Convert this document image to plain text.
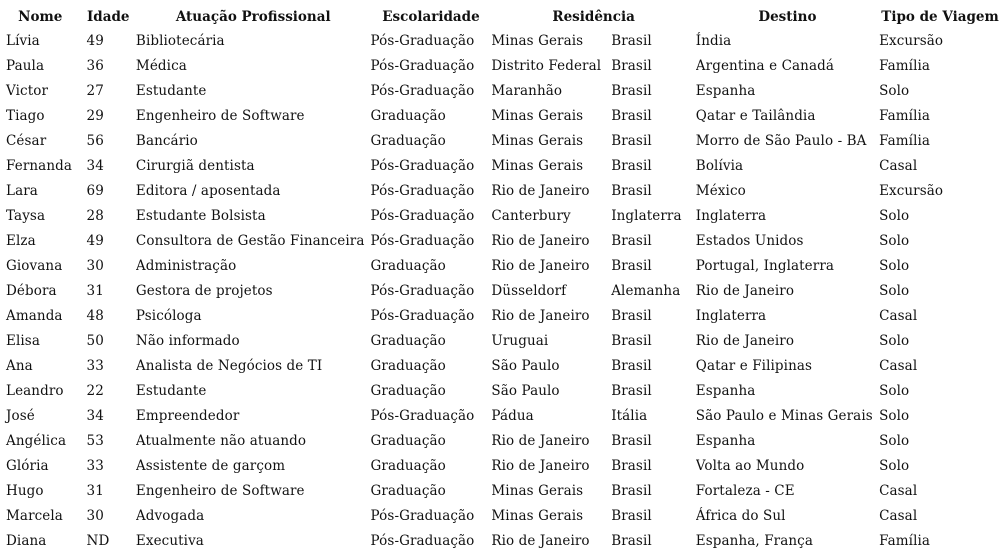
Nome	Idade	Atuação Profissional	Escolaridade	Residência		Destino	Tipo de Viagem
Lívia	49	Bibliotecária	Pós-Graduação	Minas Gerais	Brasil	Índia	Excursão
Paula	36	Médica	Pós-Graduação	Distrito Federal	Brasil	Argentina e Canadá	Família
Victor	27	Estudante	Pós-Graduação	Maranhão	Brasil	Espanha	Solo
Tiago	29	Engenheiro de Software	Graduação	Minas Gerais	Brasil	Qatar e Tailândia	Família
César	56	Bancário	Graduação	Minas Gerais	Brasil	Morro de São Paulo - BA	Família
Fernanda	34	Cirurgiã dentista	Pós-Graduação	Minas Gerais	Brasil	Bolívia	Casal
Lara	69	Editora / aposentada	Pós-Graduação	Rio de Janeiro	Brasil	México	Excursão
Taysa	28	Estudante Bolsista	Pós-Graduação	Canterbury	Inglaterra	Inglaterra	Solo
Elza	49	Consultora de Gestão Financeira	Pós-Graduação	Rio de Janeiro	Brasil	Estados Unidos	Solo
Giovana	30	Administração	Graduação	Rio de Janeiro	Brasil	Portugal, Inglaterra	Solo
Débora	31	Gestora de projetos	Pós-Graduação	Düsseldorf	Alemanha	Rio de Janeiro	Solo
Amanda	48	Psicóloga	Pós-Graduação	Rio de Janeiro	Brasil	Inglaterra	Casal
Elisa	50	Não informado	Graduação	Uruguai	Brasil	Rio de Janeiro	Solo
Ana	33	Analista de Negócios de TI	Graduação	São Paulo	Brasil	Qatar e Filipinas	Casal
Leandro	22	Estudante	Graduação	São Paulo	Brasil	Espanha	Solo
José	34	Empreendedor	Pós-Graduação	Pádua	Itália	São Paulo e Minas Gerais	Solo
Angélica	53	Atualmente não atuando	Graduação	Rio de Janeiro	Brasil	Espanha	Solo
Glória	33	Assistente de garçom	Graduação	Rio de Janeiro	Brasil	Volta ao Mundo	Solo
Hugo	31	Engenheiro de Software	Graduação	Minas Gerais	Brasil	Fortaleza - CE	Casal
Marcela	30	Advogada	Pós-Graduação	Minas Gerais	Brasil	África do Sul	Casal
Diana	ND	Executiva	Pós-Graduação	Rio de Janeiro	Brasil	Espanha, França	Família
